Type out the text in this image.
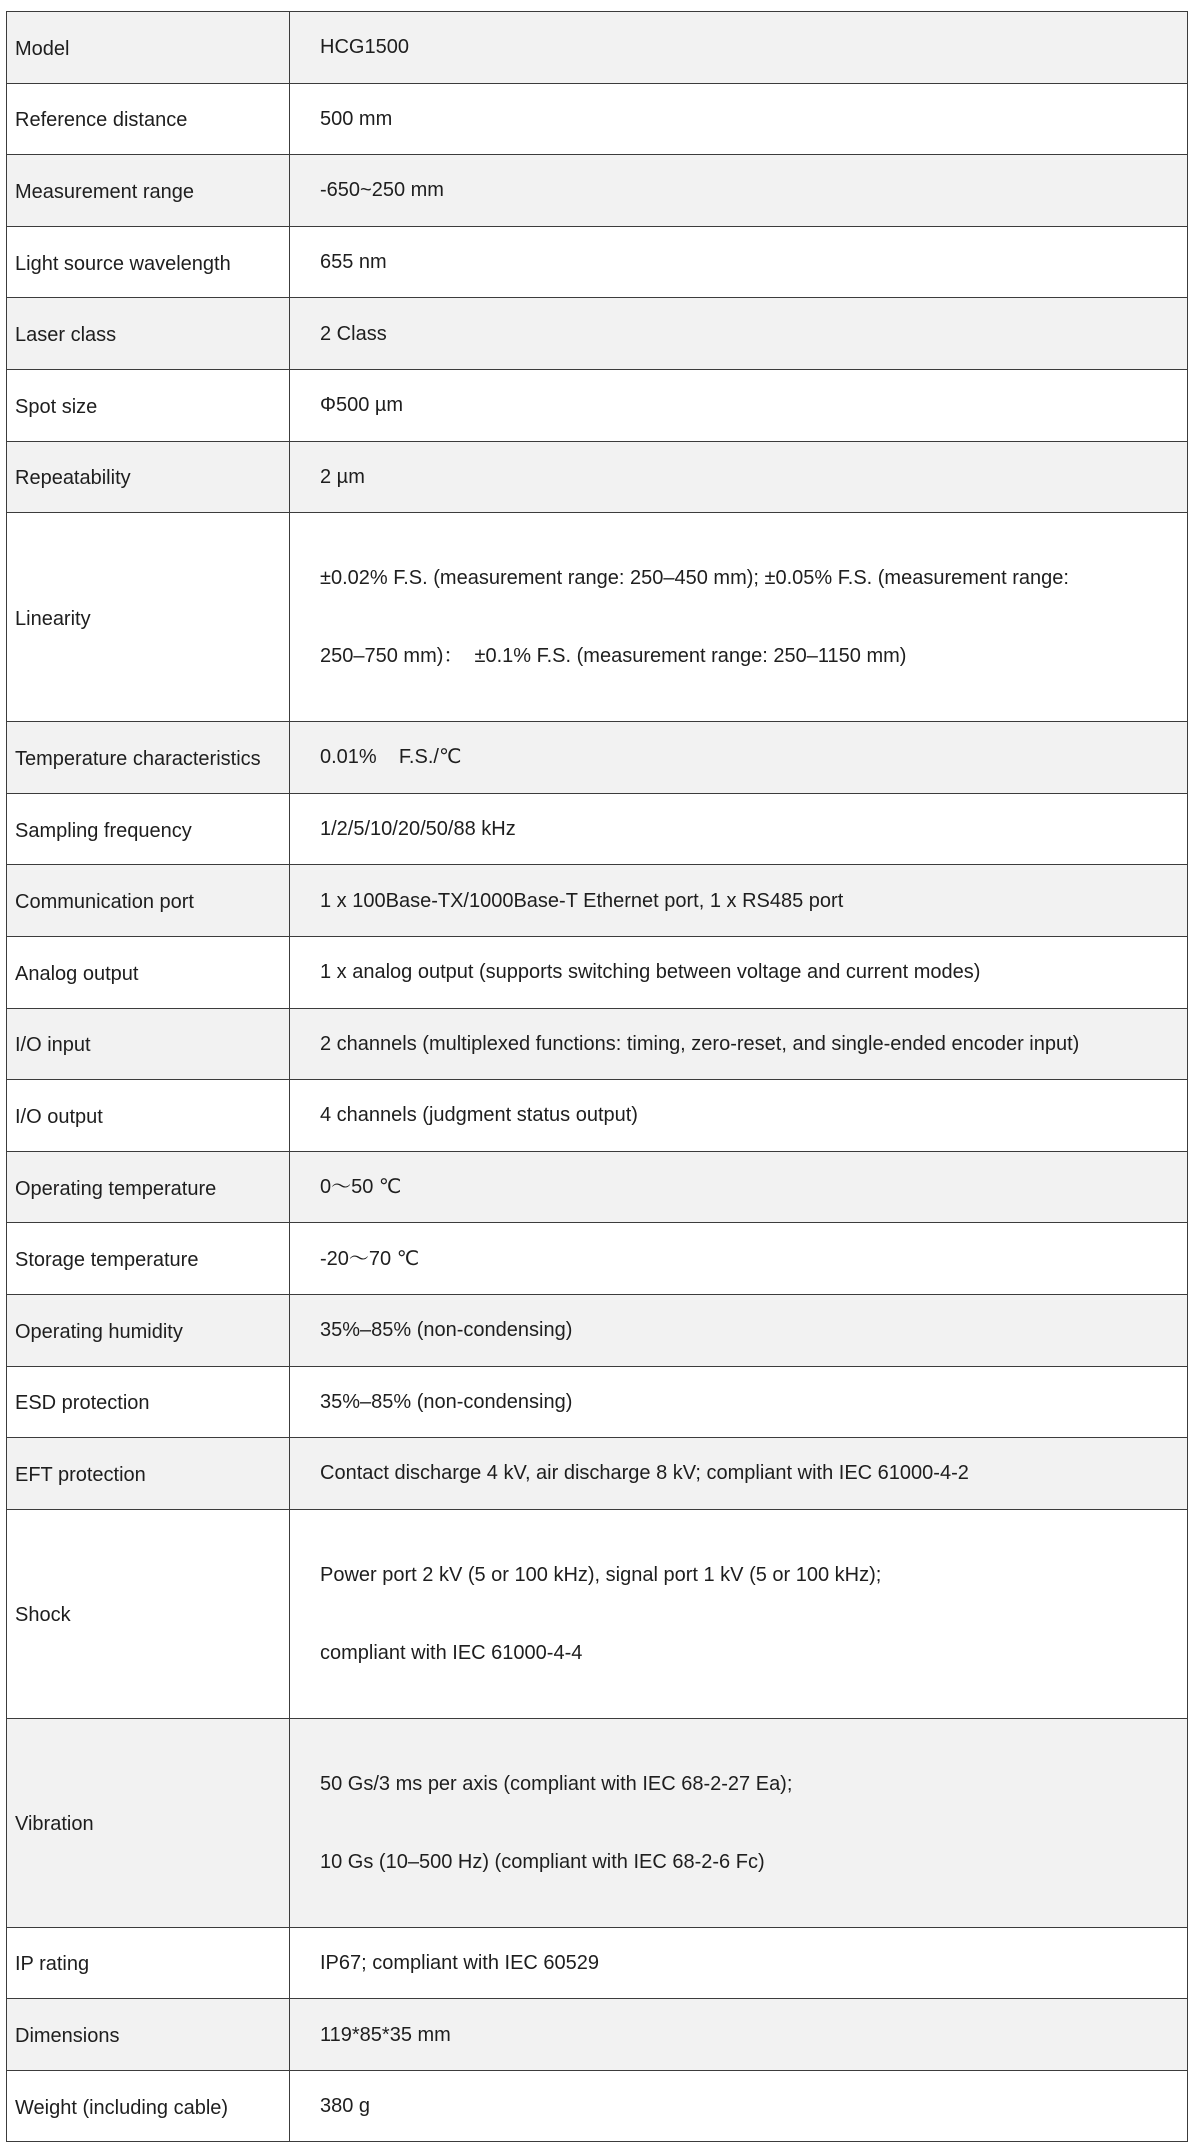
Model	HCG1500
Reference distance	500 mm
Measurement range	-650~250 mm
Light source wavelength	655 nm
Laser class	2 Class
Spot size	Φ500 µm
Repeatability	2 µm
Linearity	±0.02% F.S. (measurement range: 250–450 mm); ±0.05% F.S. (measurement range:

250–750 mm)：  ±0.1% F.S. (measurement range: 250–1150 mm)

Temperature characteristics	0.01%    F.S./℃
Sampling frequency	1/2/5/10/20/50/88 kHz
Communication port	1 x 100Base-TX/1000Base-T Ethernet port, 1 x RS485 port
Analog output	1 x analog output (supports switching between voltage and current modes)
I/O input	2 channels (multiplexed functions: timing, zero-reset, and single-ended encoder input)
I/O output	4 channels (judgment status output)
Operating temperature	0～50 ℃
Storage temperature	-20～70 ℃
Operating humidity	35%–85% (non-condensing)
ESD protection	35%–85% (non-condensing)
EFT protection	Contact discharge 4 kV, air discharge 8 kV; compliant with IEC 61000-4-2
Shock	Power port 2 kV (5 or 100 kHz), signal port 1 kV (5 or 100 kHz);

compliant with IEC 61000-4-4

Vibration	50 Gs/3 ms per axis (compliant with IEC 68-2-27 Ea);

10 Gs (10–500 Hz) (compliant with IEC 68-2-6 Fc)

IP rating	IP67; compliant with IEC 60529
Dimensions	119*85*35 mm
Weight (including cable)	380 g
